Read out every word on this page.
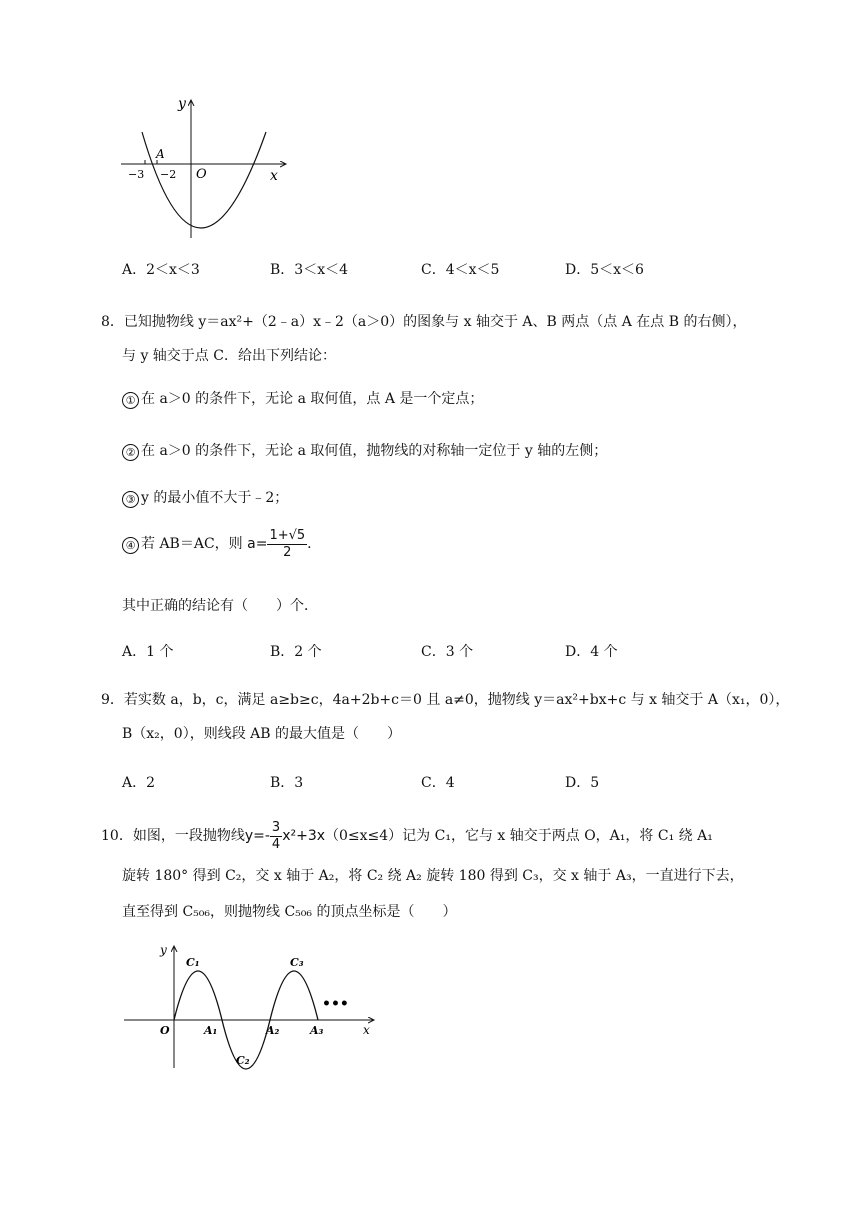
y
x
O
A
−3 −2
A．2＜x＜3	B．3＜x＜4	C．4＜x＜5	D．5＜x＜6
8．已知抛物线 y＝ax²+（2﹣a）x﹣2（a＞0）的图象与 x 轴交于 A、B 两点（点 A 在点 B 的右侧），
与 y 轴交于点 C．给出下列结论：
① 在 a＞0 的条件下，无论 a 取何值，点 A 是一个定点；
② 在 a＞0 的条件下，无论 a 取何值，抛物线的对称轴一定位于 y 轴的左侧；
③ y 的最小值不大于﹣2；
④ 若 AB＝AC，则 $a= \frac{1+√5}{2}$ .
其中正确的结论有（　　）个．
A．1 个	B．2 个	C．3 个	D．4 个
9．若实数 a，b，c，满足 a≥b≥c，4a+2b+c＝0 且 a≠0，抛物线 y＝ax²+bx+c 与 x 轴交于 A（x₁，0），
B（x₂，0），则线段 AB 的最大值是（　　）
A．2	B．3	C．4	D．5
10．如图，一段抛物线$y=- \frac{3}{4} x^2+3x(0\le x\le 4)$记为 C₁，它与 x 轴交于两点 O，A₁，将 C₁ 绕 A₁
旋转 180° 得到 C₂，交 x 轴于 A₂，将 C₂ 绕 A₂ 旋转 180 得到 C₃，交 x 轴于 A₃，一直进行下去，
直至得到 C₅₀₆，则抛物线 C₅₀₆ 的顶点坐标是（　　）
y
x
O
C₁
C₂
C₃
A₁	A₂	A₃
•••
